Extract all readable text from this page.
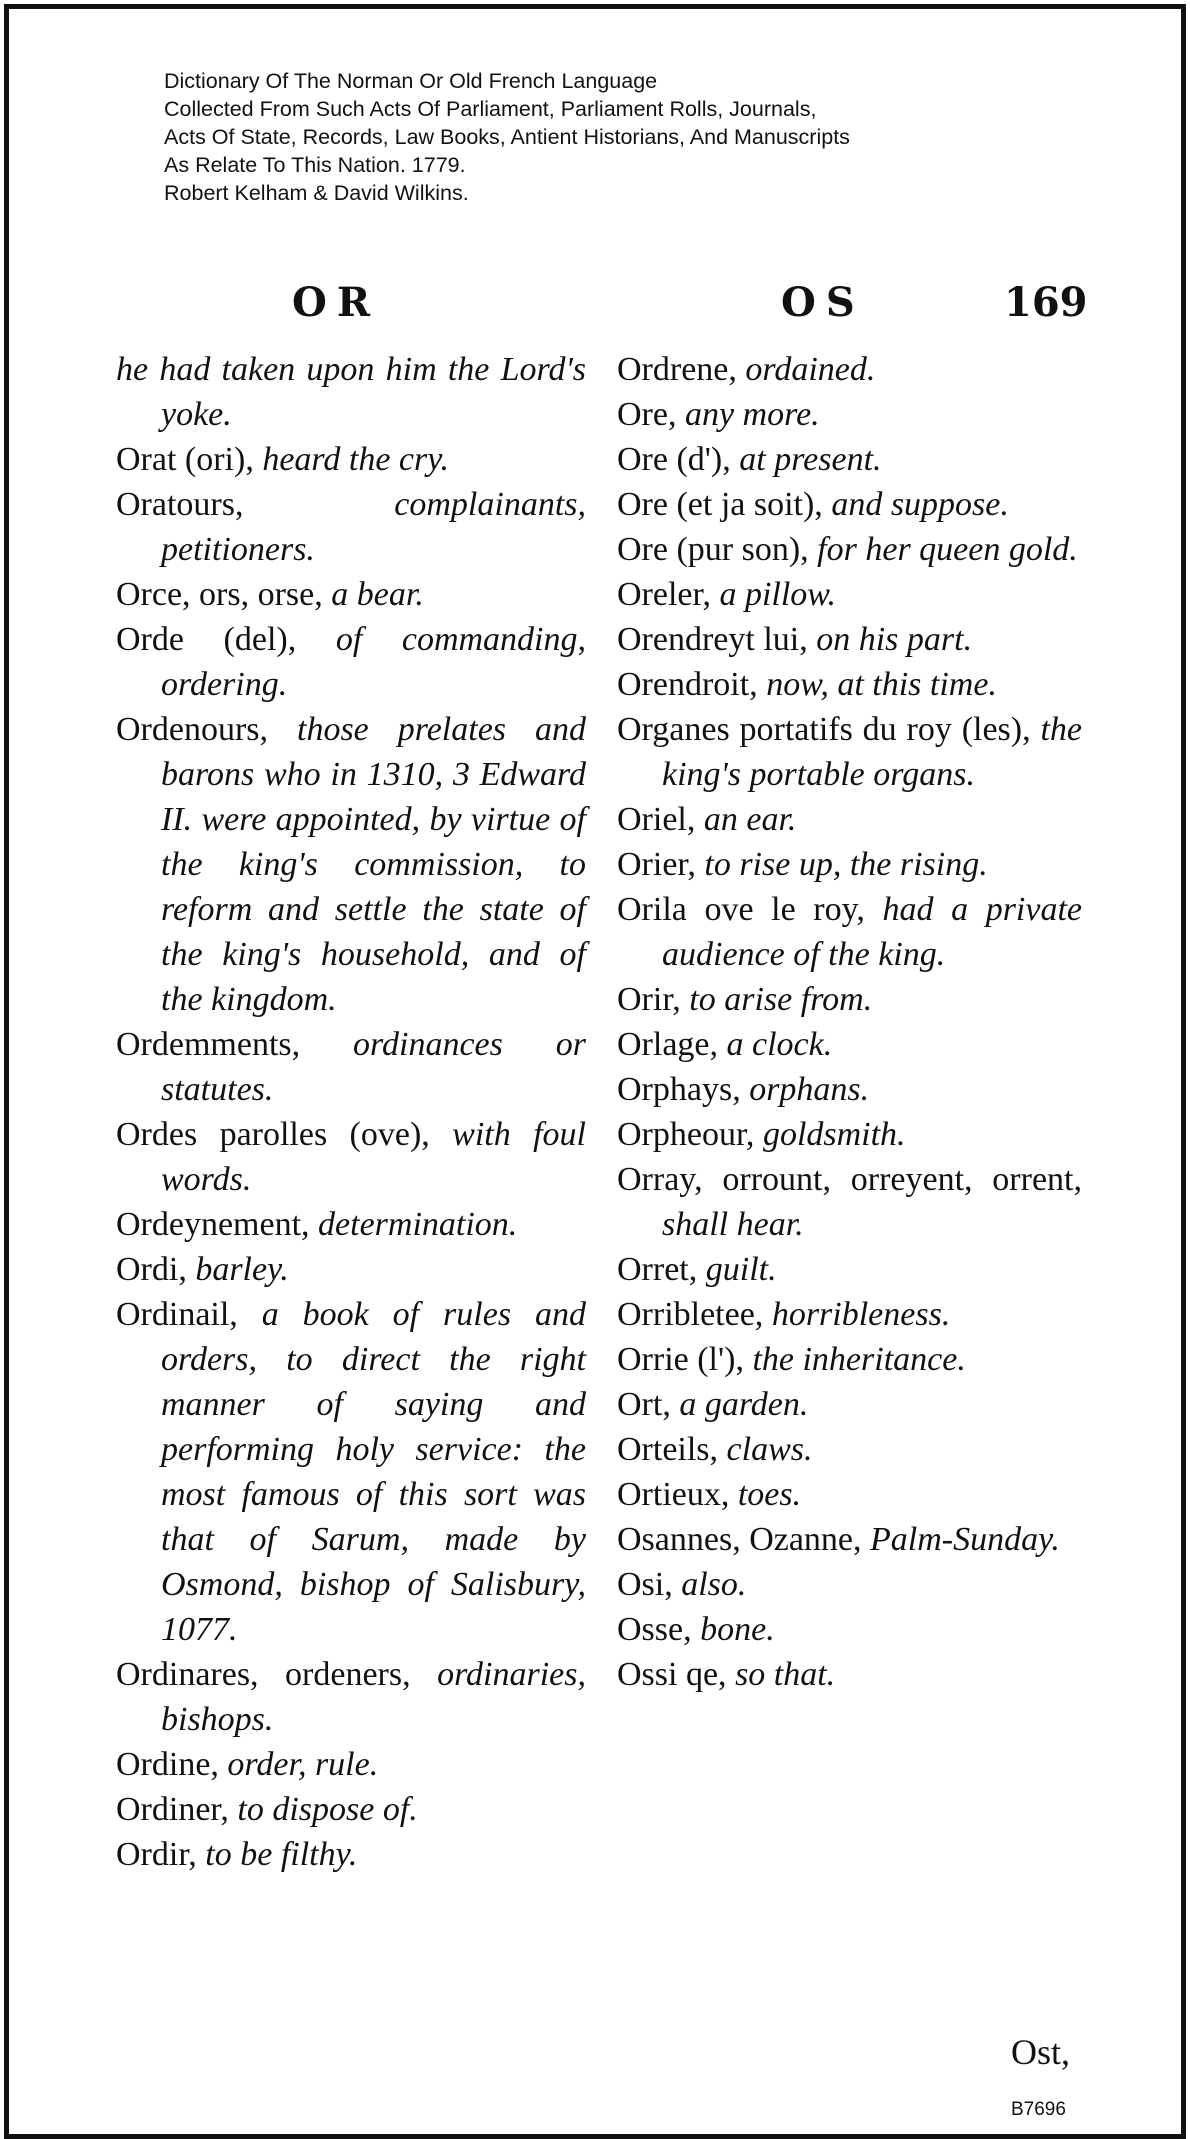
Dictionary Of The Norman Or Old French Language
Collected From Such Acts Of Parliament, Parliament Rolls, Journals,
Acts Of State, Records, Law Books, Antient Historians, And Manuscripts
As Relate To This Nation. 1779.
Robert Kelham & David Wilkins.
OR	OS	169

he had taken upon him the Lord's yoke.

Orat (ori), heard the cry.

Oratours, complainants, petitioners.

Orce, ors, orse, a bear.

Orde (del), of commanding, ordering.

Ordenours, those prelates and barons who in 1310, 3 Edward II. were appointed, by virtue of the king's commission, to reform and settle the state of the king's household, and of the kingdom.

Ordemments, ordinances or statutes.

Ordes parolles (ove), with foul words.

Ordeynement, determination.

Ordi, barley.

Ordinail, a book of rules and orders, to direct the right manner of saying and performing holy service: the most famous of this sort was that of Sarum, made by Osmond, bishop of Salisbury, 1077.

Ordinares, ordeners, ordinaries, bishops.

Ordine, order, rule.

Ordiner, to dispose of.

Ordir, to be filthy.

Ordrene, ordained.

Ore, any more.

Ore (d'), at present.

Ore (et ja soit), and suppose.

Ore (pur son), for her queen gold.

Oreler, a pillow.

Orendreyt lui, on his part.

Orendroit, now, at this time.

Organes portatifs du roy (les), the king's portable organs.

Oriel, an ear.

Orier, to rise up, the rising.

Orila ove le roy, had a private audience of the king.

Orir, to arise from.

Orlage, a clock.

Orphays, orphans.

Orpheour, goldsmith.

Orray, orrount, orreyent, orrent, shall hear.

Orret, guilt.

Orribletee, horribleness.

Orrie (l'), the inheritance.

Ort, a garden.

Orteils, claws.

Ortieux, toes.

Osannes, Ozanne, Palm-Sunday.

Osi, also.

Osse, bone.

Ossi qe, so that.

Ost,
B7696
